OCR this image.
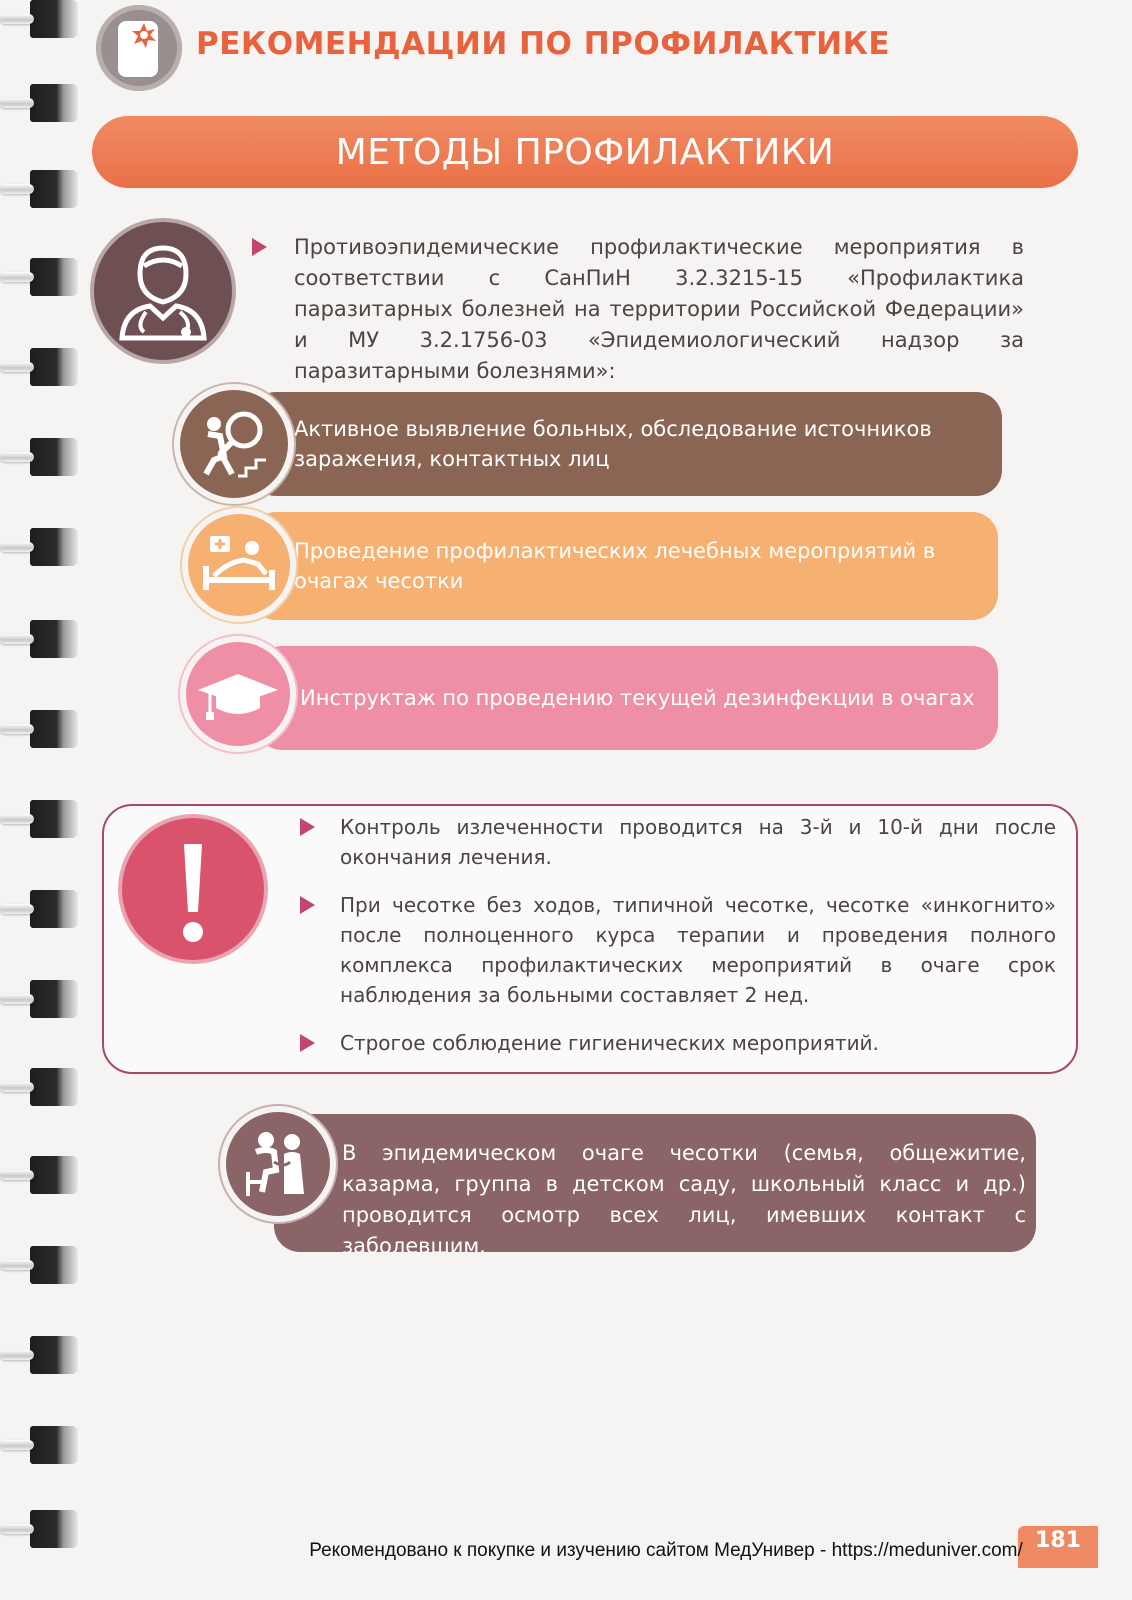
РЕКОМЕНДАЦИИ ПО ПРОФИЛАКТИКЕ
МЕТОДЫ ПРОФИЛАКТИКИ
Противоэпидемические профилактические мероприятия в соответствии с СанПиН 3.2.3215-15 «Профилактика паразитарных болезней на территории Российской Федерации» и МУ 3.2.1756-03 «Эпидемиологический надзор за паразитарными болезнями»:
Активное выявление больных, обследование источников заражения, контактных лиц
Проведение профилактических лечебных мероприятий в очагах чесотки
Инструктаж по проведению текущей дезинфекции в очагах
Контроль излеченности проводится на 3-й и 10-й дни после окончания лечения.
При чесотке без ходов, типичной чесотке, чесотке «инкогнито» после полноценного курса терапии и проведения полного комплекса профилактических мероприятий в очаге срок наблюдения за больными составляет 2 нед.
Строгое соблюдение гигиенических мероприятий.
В эпидемическом очаге чесотки (семья, общежитие, казарма, группа в детском саду, школьный класс и др.) проводится осмотр всех лиц, имевших контакт с заболевшим.
181
Рекомендовано к покупке и изучению сайтом МедУнивер - https://meduniver.com/
